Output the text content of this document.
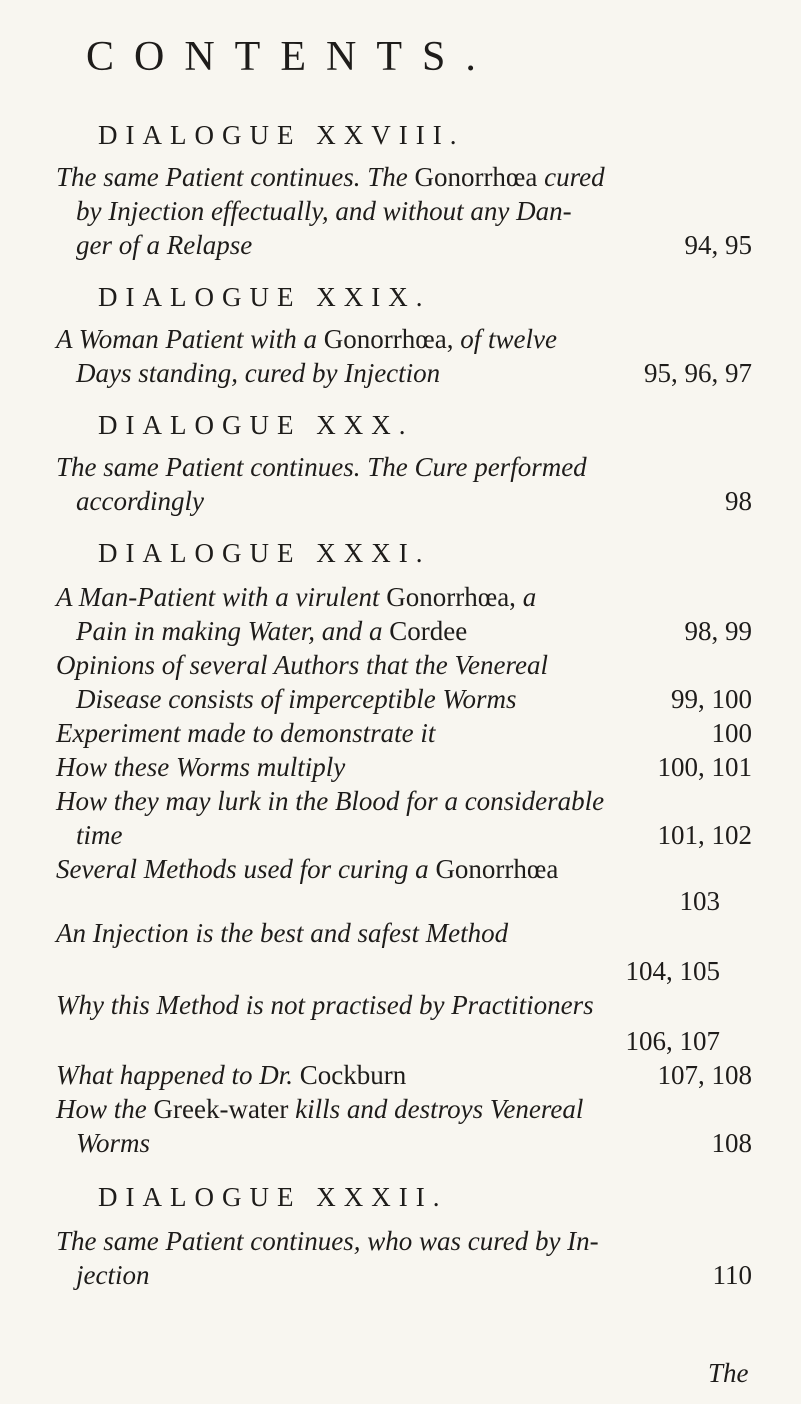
CONTENTS.
DIALOGUE XXVIII.
The same Patient continues. The Gonorrhœa cured
by Injection effectually, and without any Dan-
ger of a Relapse	94, 95
DIALOGUE XXIX.
A Woman Patient with a Gonorrhœa, of twelve
Days standing, cured by Injection	95, 96, 97
DIALOGUE XXX.
The same Patient continues. The Cure performed
accordingly	98
DIALOGUE XXXI.
A Man-Patient with a virulent Gonorrhœa, a
Pain in making Water, and a Cordee	98, 99
Opinions of several Authors that the Venereal
Disease consists of imperceptible Worms	99, 100
Experiment made to demonstrate it	100
How these Worms multiply	100, 101
How they may lurk in the Blood for a considerable
time	101, 102
Several Methods used for curing a Gonorrhœa
103
An Injection is the best and safest Method
104, 105
Why this Method is not practised by Practitioners
106, 107
What happened to Dr. Cockburn	107, 108
How the Greek-water kills and destroys Venereal
Worms	108
DIALOGUE XXXII.
The same Patient continues, who was cured by In-
jection	110
The
